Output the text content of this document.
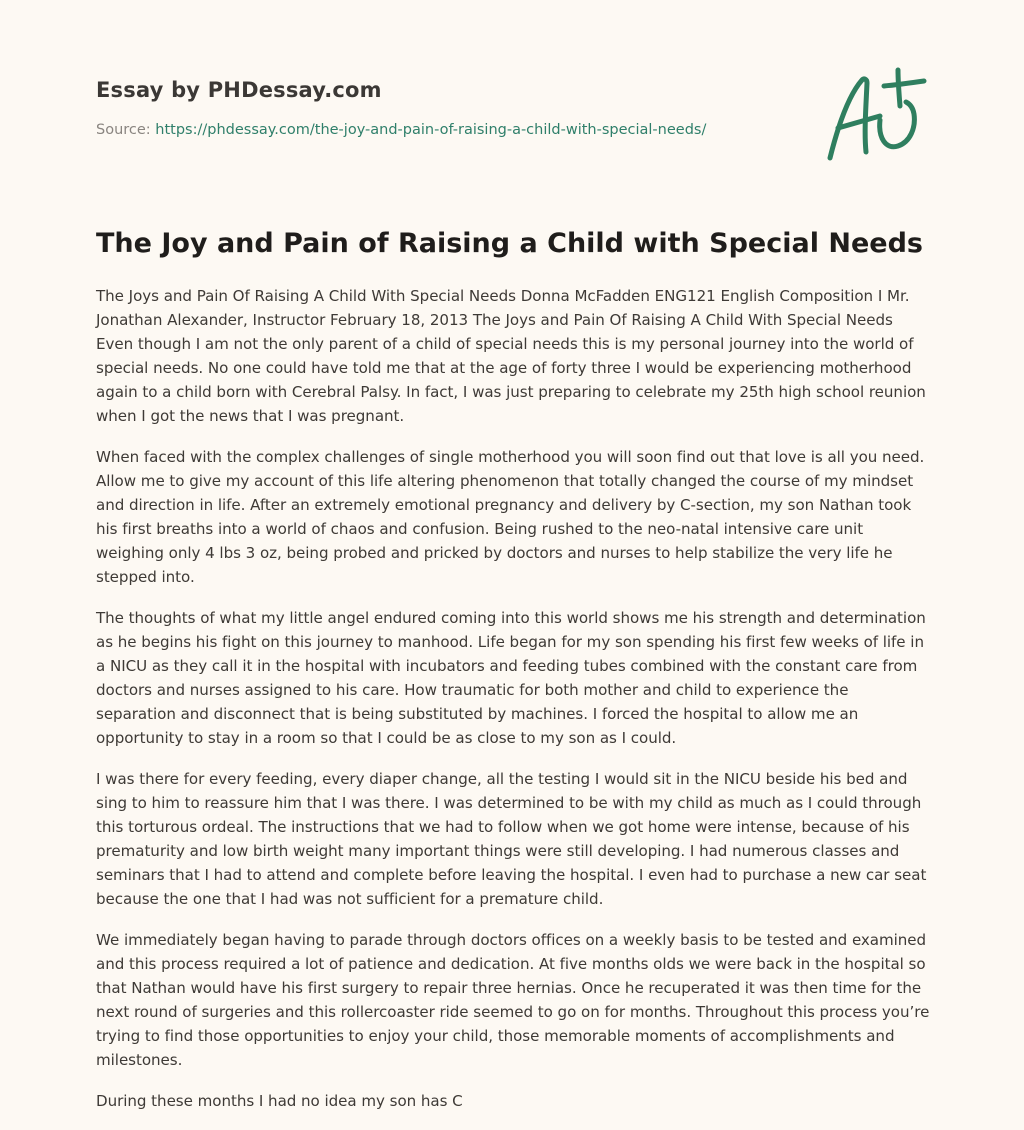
Essay by PHDessay.com
Source: https://phdessay.com/the-joy-and-pain-of-raising-a-child-with-special-needs/
The Joy and Pain of Raising a Child with Special Needs

The Joys and Pain Of Raising A Child With Special Needs Donna McFadden ENG121 English Composition I Mr. Jonathan Alexander, Instructor February 18, 2013 The Joys and Pain Of Raising A Child With Special Needs Even though I am not the only parent of a child of special needs this is my personal journey into the world of special needs. No one could have told me that at the age of forty three I would be experiencing motherhood again to a child born with Cerebral Palsy. In fact, I was just preparing to celebrate my 25th high school reunion when I got the news that I was pregnant.

When faced with the complex challenges of single motherhood you will soon find out that love is all you need. Allow me to give my account of this life altering phenomenon that totally changed the course of my mindset and direction in life. After an extremely emotional pregnancy and delivery by C-section, my son Nathan took his first breaths into a world of chaos and confusion. Being rushed to the neo-natal intensive care unit weighing only 4 lbs 3 oz, being probed and pricked by doctors and nurses to help stabilize the very life he stepped into.

The thoughts of what my little angel endured coming into this world shows me his strength and determination as he begins his fight on this journey to manhood. Life began for my son spending his first few weeks of life in a NICU as they call it in the hospital with incubators and feeding tubes combined with the constant care from doctors and nurses assigned to his care. How traumatic for both mother and child to experience the separation and disconnect that is being substituted by machines. I forced the hospital to allow me an opportunity to stay in a room so that I could be as close to my son as I could.

I was there for every feeding, every diaper change, all the testing I would sit in the NICU beside his bed and sing to him to reassure him that I was there. I was determined to be with my child as much as I could through this torturous ordeal. The instructions that we had to follow when we got home were intense, because of his prematurity and low birth weight many important things were still developing. I had numerous classes and seminars that I had to attend and complete before leaving the hospital. I even had to purchase a new car seat because the one that I had was not sufficient for a premature child.

We immediately began having to parade through doctors offices on a weekly basis to be tested and examined and this process required a lot of patience and dedication. At five months olds we were back in the hospital so that Nathan would have his first surgery to repair three hernias. Once he recuperated it was then time for the next round of surgeries and this rollercoaster ride seemed to go on for months. Throughout this process you’re trying to find those opportunities to enjoy your child, those memorable moments of accomplishments and milestones.

During these months I had no idea my son has C
